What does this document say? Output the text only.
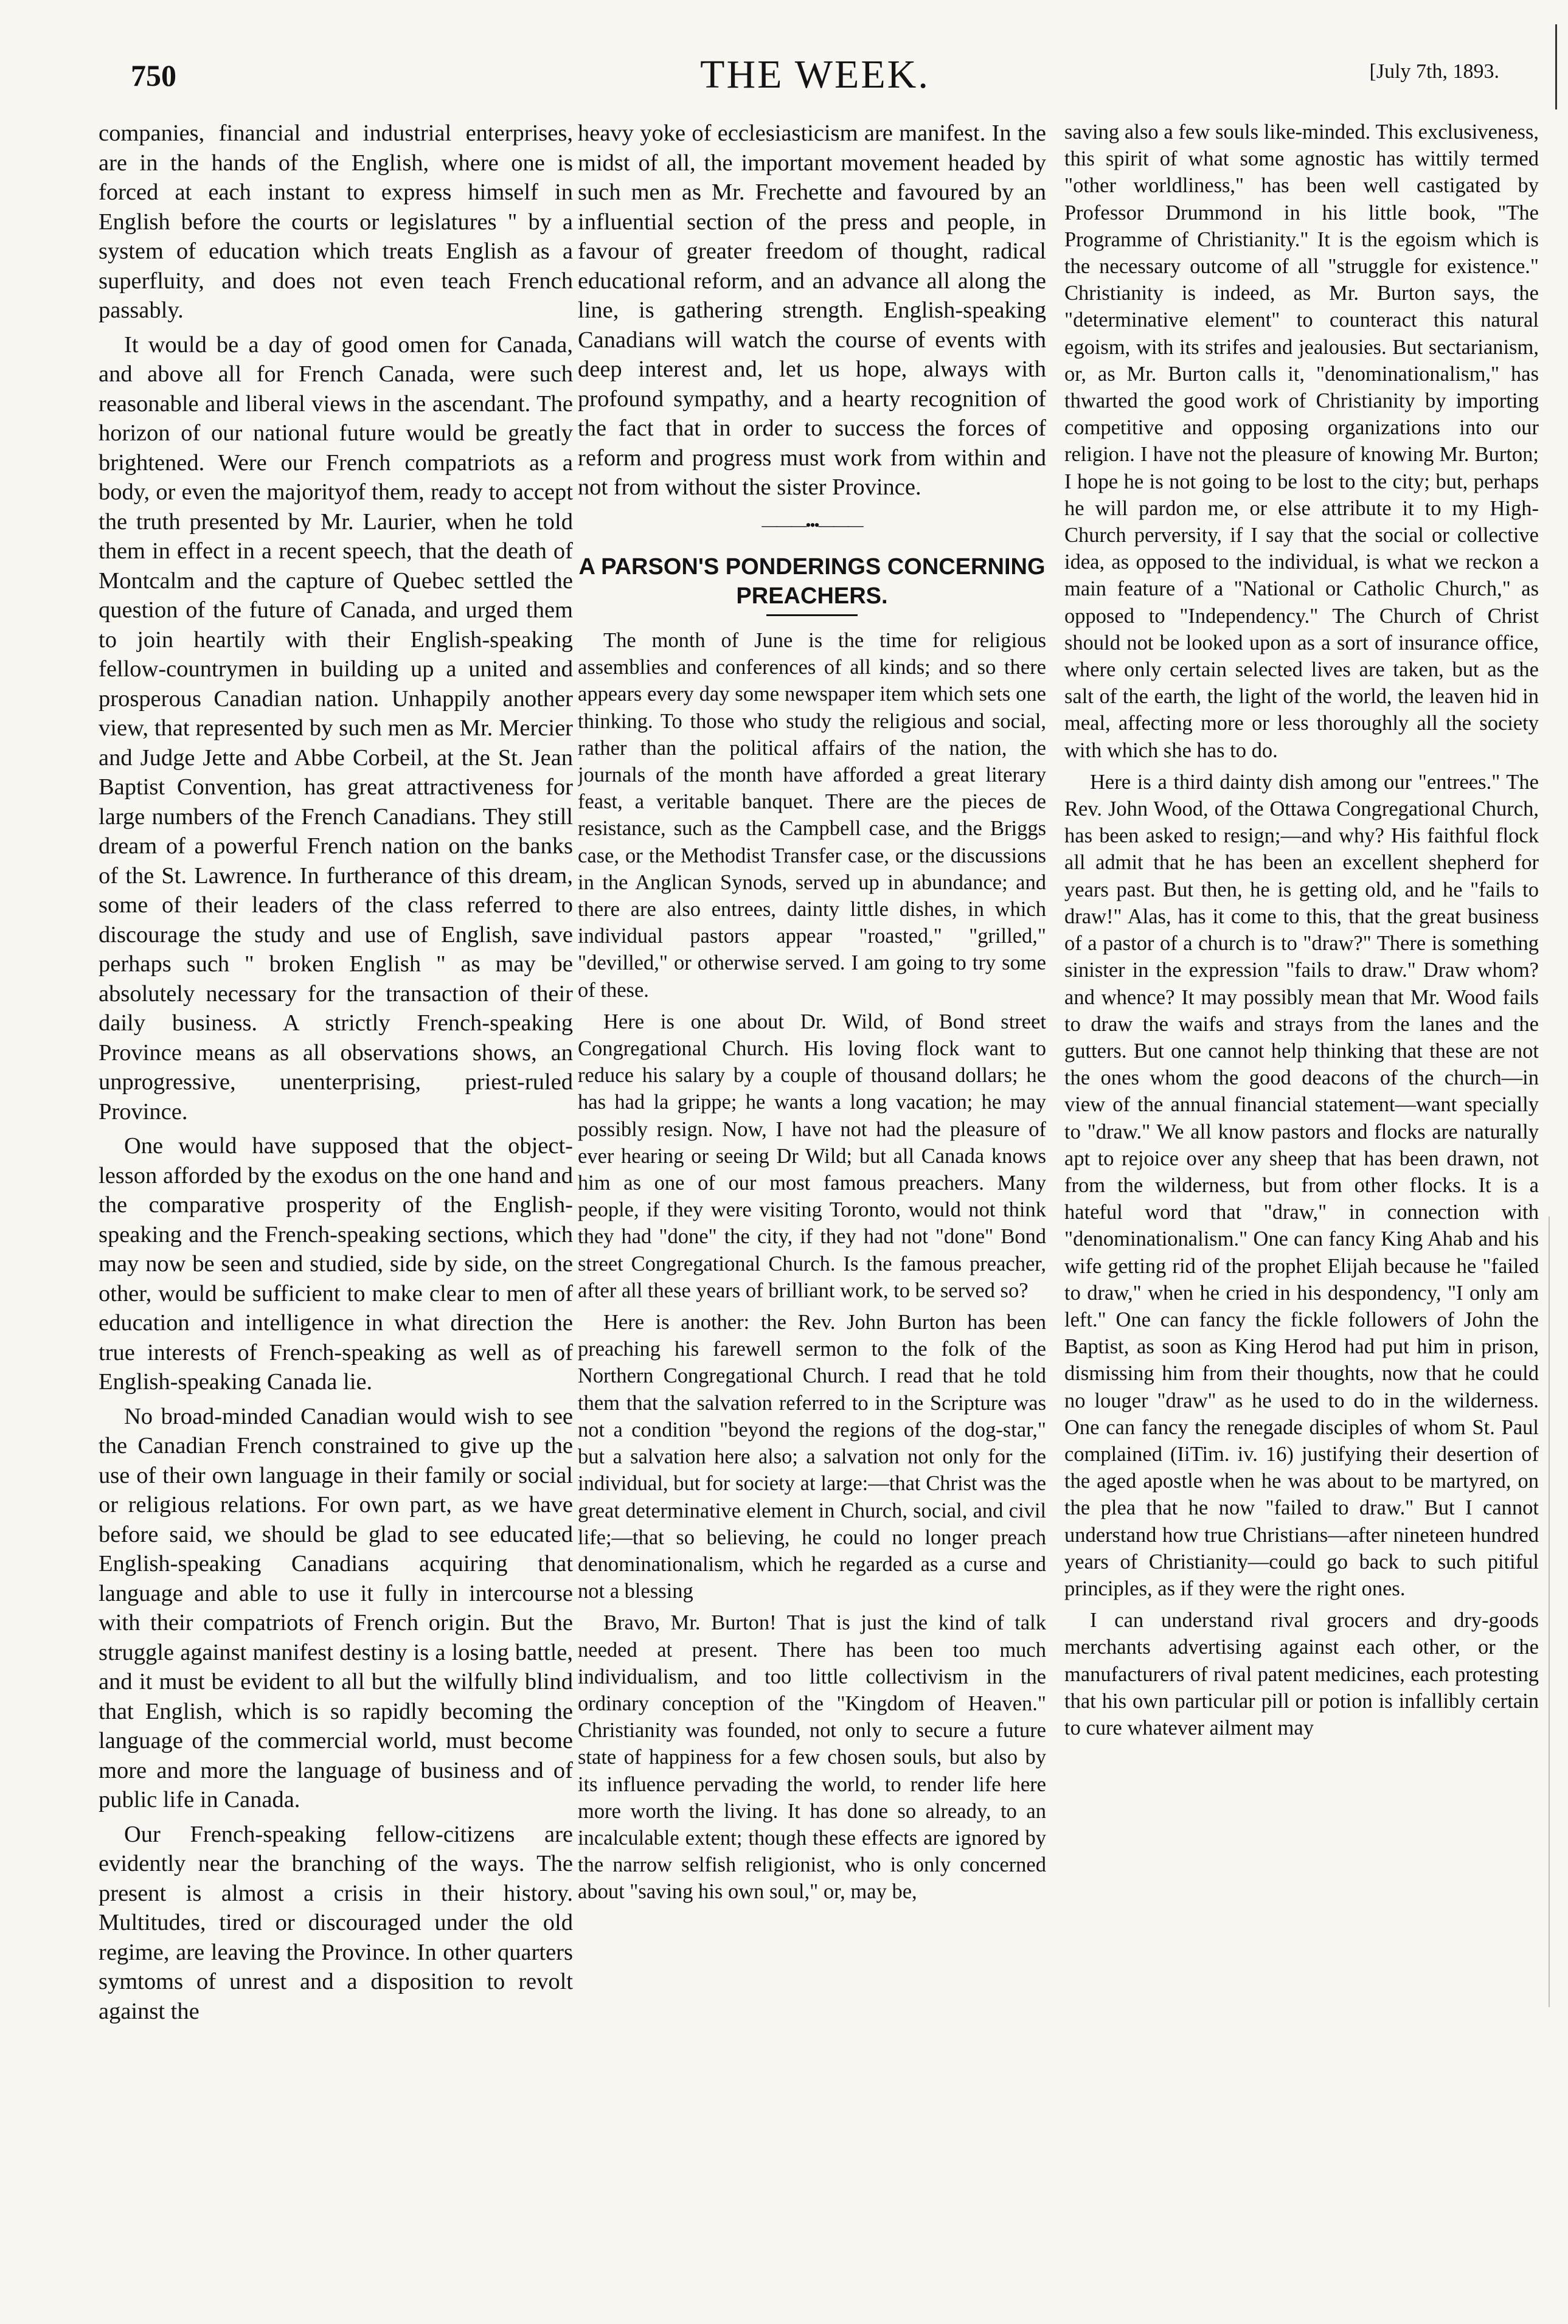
750	THE WEEK.	[July 7th, 1893.

companies, financial and industrial enterprises, are in the hands of the English, where one is forced at each instant to express himself in English before the courts or legislatures " by a system of education which treats English as a superfluity, and does not even teach French passably.

It would be a day of good omen for Canada, and above all for French Canada, were such reasonable and liberal views in the ascendant. The horizon of our national future would be greatly brightened. Were our French compatriots as a body, or even the majorityof them, ready to accept the truth presented by Mr. Laurier, when he told them in effect in a recent speech, that the death of Montcalm and the capture of Quebec settled the question of the future of Canada, and urged them to join heartily with their English-speaking fellow-countrymen in building up a united and prosperous Canadian nation. Unhappily another view, that represented by such men as Mr. Mercier and Judge Jette and Abbe Corbeil, at the St. Jean Baptist Convention, has great attractiveness for large numbers of the French Canadians. They still dream of a powerful French nation on the banks of the St. Lawrence. In furtherance of this dream, some of their leaders of the class referred to discourage the study and use of English, save perhaps such " broken English " as may be absolutely necessary for the transaction of their daily business. A strictly French-speaking Province means as all observations shows, an unprogressive, unenterprising, priest-ruled Province.

One would have supposed that the object-lesson afforded by the exodus on the one hand and the comparative prosperity of the English-speaking and the French-speaking sections, which may now be seen and studied, side by side, on the other, would be sufficient to make clear to men of education and intelligence in what direction the true interests of French-speaking as well as of English-speaking Canada lie.

No broad-minded Canadian would wish to see the Canadian French constrained to give up the use of their own language in their family or social or religious relations. For own part, as we have before said, we should be glad to see educated English-speaking Canadians acquiring that language and able to use it fully in intercourse with their compatriots of French origin. But the struggle against manifest destiny is a losing battle, and it must be evident to all but the wilfully blind that English, which is so rapidly becoming the language of the commercial world, must become more and more the language of business and of public life in Canada.

Our French-speaking fellow-citizens are evidently near the branching of the ways. The present is almost a crisis in their history. Multitudes, tired or discouraged under the old regime, are leaving the Province. In other quarters symtoms of unrest and a disposition to revolt against the

heavy yoke of ecclesiasticism are manifest. In the midst of all, the important movement headed by such men as Mr. Frechette and favoured by an influential section of the press and people, in favour of greater freedom of thought, radical educational reform, and an advance all along the line, is gathering strength. English-speaking Canadians will watch the course of events with deep interest and, let us hope, always with profound sympathy, and a hearty recognition of the fact that in order to success the forces of reform and progress must work from within and not from without the sister Province.

———•••———
A PARSON'S PONDERINGS CONCERNING PREACHERS.

The month of June is the time for religious assemblies and conferences of all kinds; and so there appears every day some newspaper item which sets one thinking. To those who study the religious and social, rather than the political affairs of the nation, the journals of the month have afforded a great literary feast, a veritable banquet. There are the pieces de resistance, such as the Campbell case, and the Briggs case, or the Methodist Transfer case, or the discussions in the Anglican Synods, served up in abundance; and there are also entrees, dainty little dishes, in which individual pastors appear "roasted," "grilled," "devilled," or otherwise served. I am going to try some of these.

Here is one about Dr. Wild, of Bond street Congregational Church. His loving flock want to reduce his salary by a couple of thousand dollars; he has had la grippe; he wants a long vacation; he may possibly resign. Now, I have not had the pleasure of ever hearing or seeing Dr Wild; but all Canada knows him as one of our most famous preachers. Many people, if they were visiting Toronto, would not think they had "done" the city, if they had not "done" Bond street Congregational Church. Is the famous preacher, after all these years of brilliant work, to be served so?

Here is another: the Rev. John Burton has been preaching his farewell sermon to the folk of the Northern Congregational Church. I read that he told them that the salvation referred to in the Scripture was not a condition "beyond the regions of the dog-star," but a salvation here also; a salvation not only for the individual, but for society at large:—that Christ was the great determinative element in Church, social, and civil life;—that so believing, he could no longer preach denominationalism, which he regarded as a curse and not a blessing

Bravo, Mr. Burton! That is just the kind of talk needed at present. There has been too much individualism, and too little collectivism in the ordinary conception of the "Kingdom of Heaven." Christianity was founded, not only to secure a future state of happiness for a few chosen souls, but also by its influence pervading the world, to render life here more worth the living. It has done so already, to an incalculable extent; though these effects are ignored by the narrow selfish religionist, who is only concerned about "saving his own soul," or, may be,

saving also a few souls like-minded. This exclusiveness, this spirit of what some agnostic has wittily termed "other worldliness," has been well castigated by Professor Drummond in his little book, "The Programme of Christianity." It is the egoism which is the necessary outcome of all "struggle for existence." Christianity is indeed, as Mr. Burton says, the "determinative element" to counteract this natural egoism, with its strifes and jealousies. But sectarianism, or, as Mr. Burton calls it, "denominationalism," has thwarted the good work of Christianity by importing competitive and opposing organizations into our religion. I have not the pleasure of knowing Mr. Burton; I hope he is not going to be lost to the city; but, perhaps he will pardon me, or else attribute it to my High-Church perversity, if I say that the social or collective idea, as opposed to the individual, is what we reckon a main feature of a "National or Catholic Church," as opposed to "Independency." The Church of Christ should not be looked upon as a sort of insurance office, where only certain selected lives are taken, but as the salt of the earth, the light of the world, the leaven hid in meal, affecting more or less thoroughly all the society with which she has to do.

Here is a third dainty dish among our "entrees." The Rev. John Wood, of the Ottawa Congregational Church, has been asked to resign;—and why? His faithful flock all admit that he has been an excellent shepherd for years past. But then, he is getting old, and he "fails to draw!" Alas, has it come to this, that the great business of a pastor of a church is to "draw?" There is something sinister in the expression "fails to draw." Draw whom? and whence? It may possibly mean that Mr. Wood fails to draw the waifs and strays from the lanes and the gutters. But one cannot help thinking that these are not the ones whom the good deacons of the church—in view of the annual financial statement—want specially to "draw." We all know pastors and flocks are naturally apt to rejoice over any sheep that has been drawn, not from the wilderness, but from other flocks. It is a hateful word that "draw," in connection with "denominationalism." One can fancy King Ahab and his wife getting rid of the prophet Elijah because he "failed to draw," when he cried in his despondency, "I only am left." One can fancy the fickle followers of John the Baptist, as soon as King Herod had put him in prison, dismissing him from their thoughts, now that he could no louger "draw" as he used to do in the wilderness. One can fancy the renegade disciples of whom St. Paul complained (IiTim. iv. 16) justifying their desertion of the aged apostle when he was about to be martyred, on the plea that he now "failed to draw." But I cannot understand how true Christians—after nineteen hundred years of Christianity—could go back to such pitiful principles, as if they were the right ones.

I can understand rival grocers and dry-goods merchants advertising against each other, or the manufacturers of rival patent medicines, each protesting that his own particular pill or potion is infallibly certain to cure whatever ailment may
